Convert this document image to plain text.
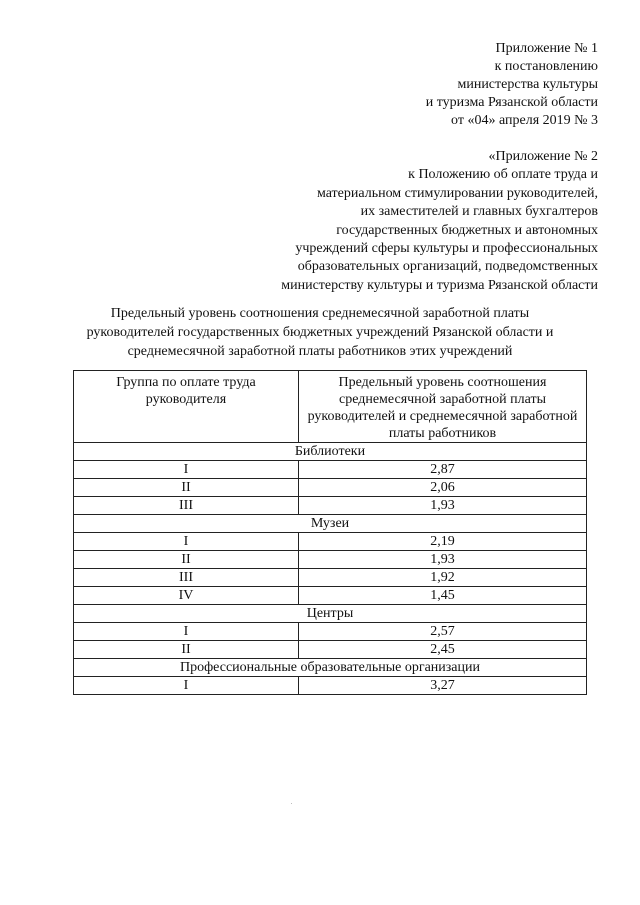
Приложение № 1
к постановлению
министерства культуры
и туризма Рязанской области
от «04» апреля 2019 № 3
«Приложение № 2
к Положению об оплате труда и
материальном стимулировании руководителей,
их заместителей и главных бухгалтеров
государственных бюджетных и автономных
учреждений сферы культуры и профессиональных
образовательных организаций, подведомственных
министерству культуры и туризма Рязанской области
Предельный уровень соотношения среднемесячной заработной платы
руководителей государственных бюджетных учреждений Рязанской области и
среднемесячной заработной платы работников этих учреждений
Группа по оплате труда руководителя	Предельный уровень соотношения среднемесячной заработной платы руководителей и среднемесячной заработной платы работников
Библиотеки	
I	2,87
II	2,06
III	1,93
Музеи	
I	2,19
II	1,93
III	1,92
IV	1,45
Центры	
I	2,57
II	2,45
Профессиональные образовательные организации	
I	3,27
